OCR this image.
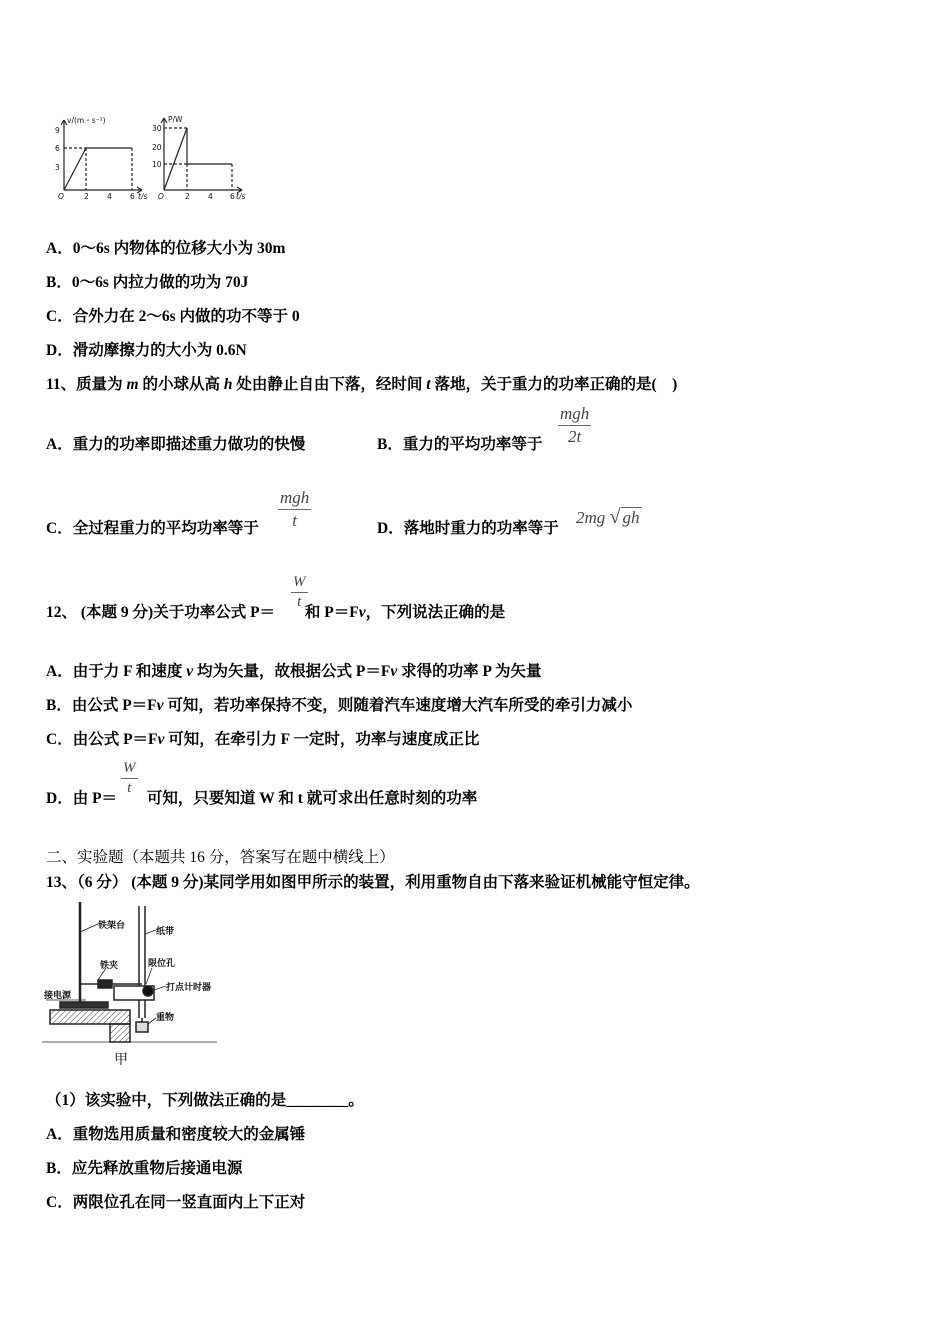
v/(m・s⁻¹)
9
6
3
O	2 4 6 t/s
P/W
30
20
10
O	2 4 6 t/s
A．0～6s 内物体的位移大小为 30m
B．0～6s 内拉力做的功为 70J
C．合外力在 2～6s 内做的功不等于 0
D．滑动摩擦力的大小为 0.6N
11、质量为 m 的小球从高 h 处由静止自由下落，经时间 t 落地，关于重力的功率正确的是(　)
A．重力的功率即描述重力做功的快慢	B．重力的平均功率等于
mgh
2t
C．全过程重力的平均功率等于
mgh
t	D．落地时重力的功率等于
2mg √ gh
12、 (本题 9 分)关于功率公式 P＝ 和 P＝Fv，下列说法正确的是
W
t
A．由于力 F 和速度 v 均为矢量，故根据公式 P＝Fv 求得的功率 P 为矢量
B．由公式 P＝Fv 可知，若功率保持不变，则随着汽车速度增大汽车所受的牵引力减小
C．由公式 P＝Fv 可知，在牵引力 F 一定时，功率与速度成正比
D．由 P＝ 可知，只要知道 W 和 t 就可求出任意时刻的功率
W
t
二、实验题（本题共 16 分，答案写在题中横线上）
13、（6 分） (本题 9 分)某同学用如图甲所示的装置，利用重物自由下落来验证机械能守恒定律。
铁架台
纸带
铁夹	限位孔
接电源
打点计时器
重物
甲
（1）该实验中，下列做法正确的是________。
A．重物选用质量和密度较大的金属锤
B．应先释放重物后接通电源
C．两限位孔在同一竖直面内上下正对
